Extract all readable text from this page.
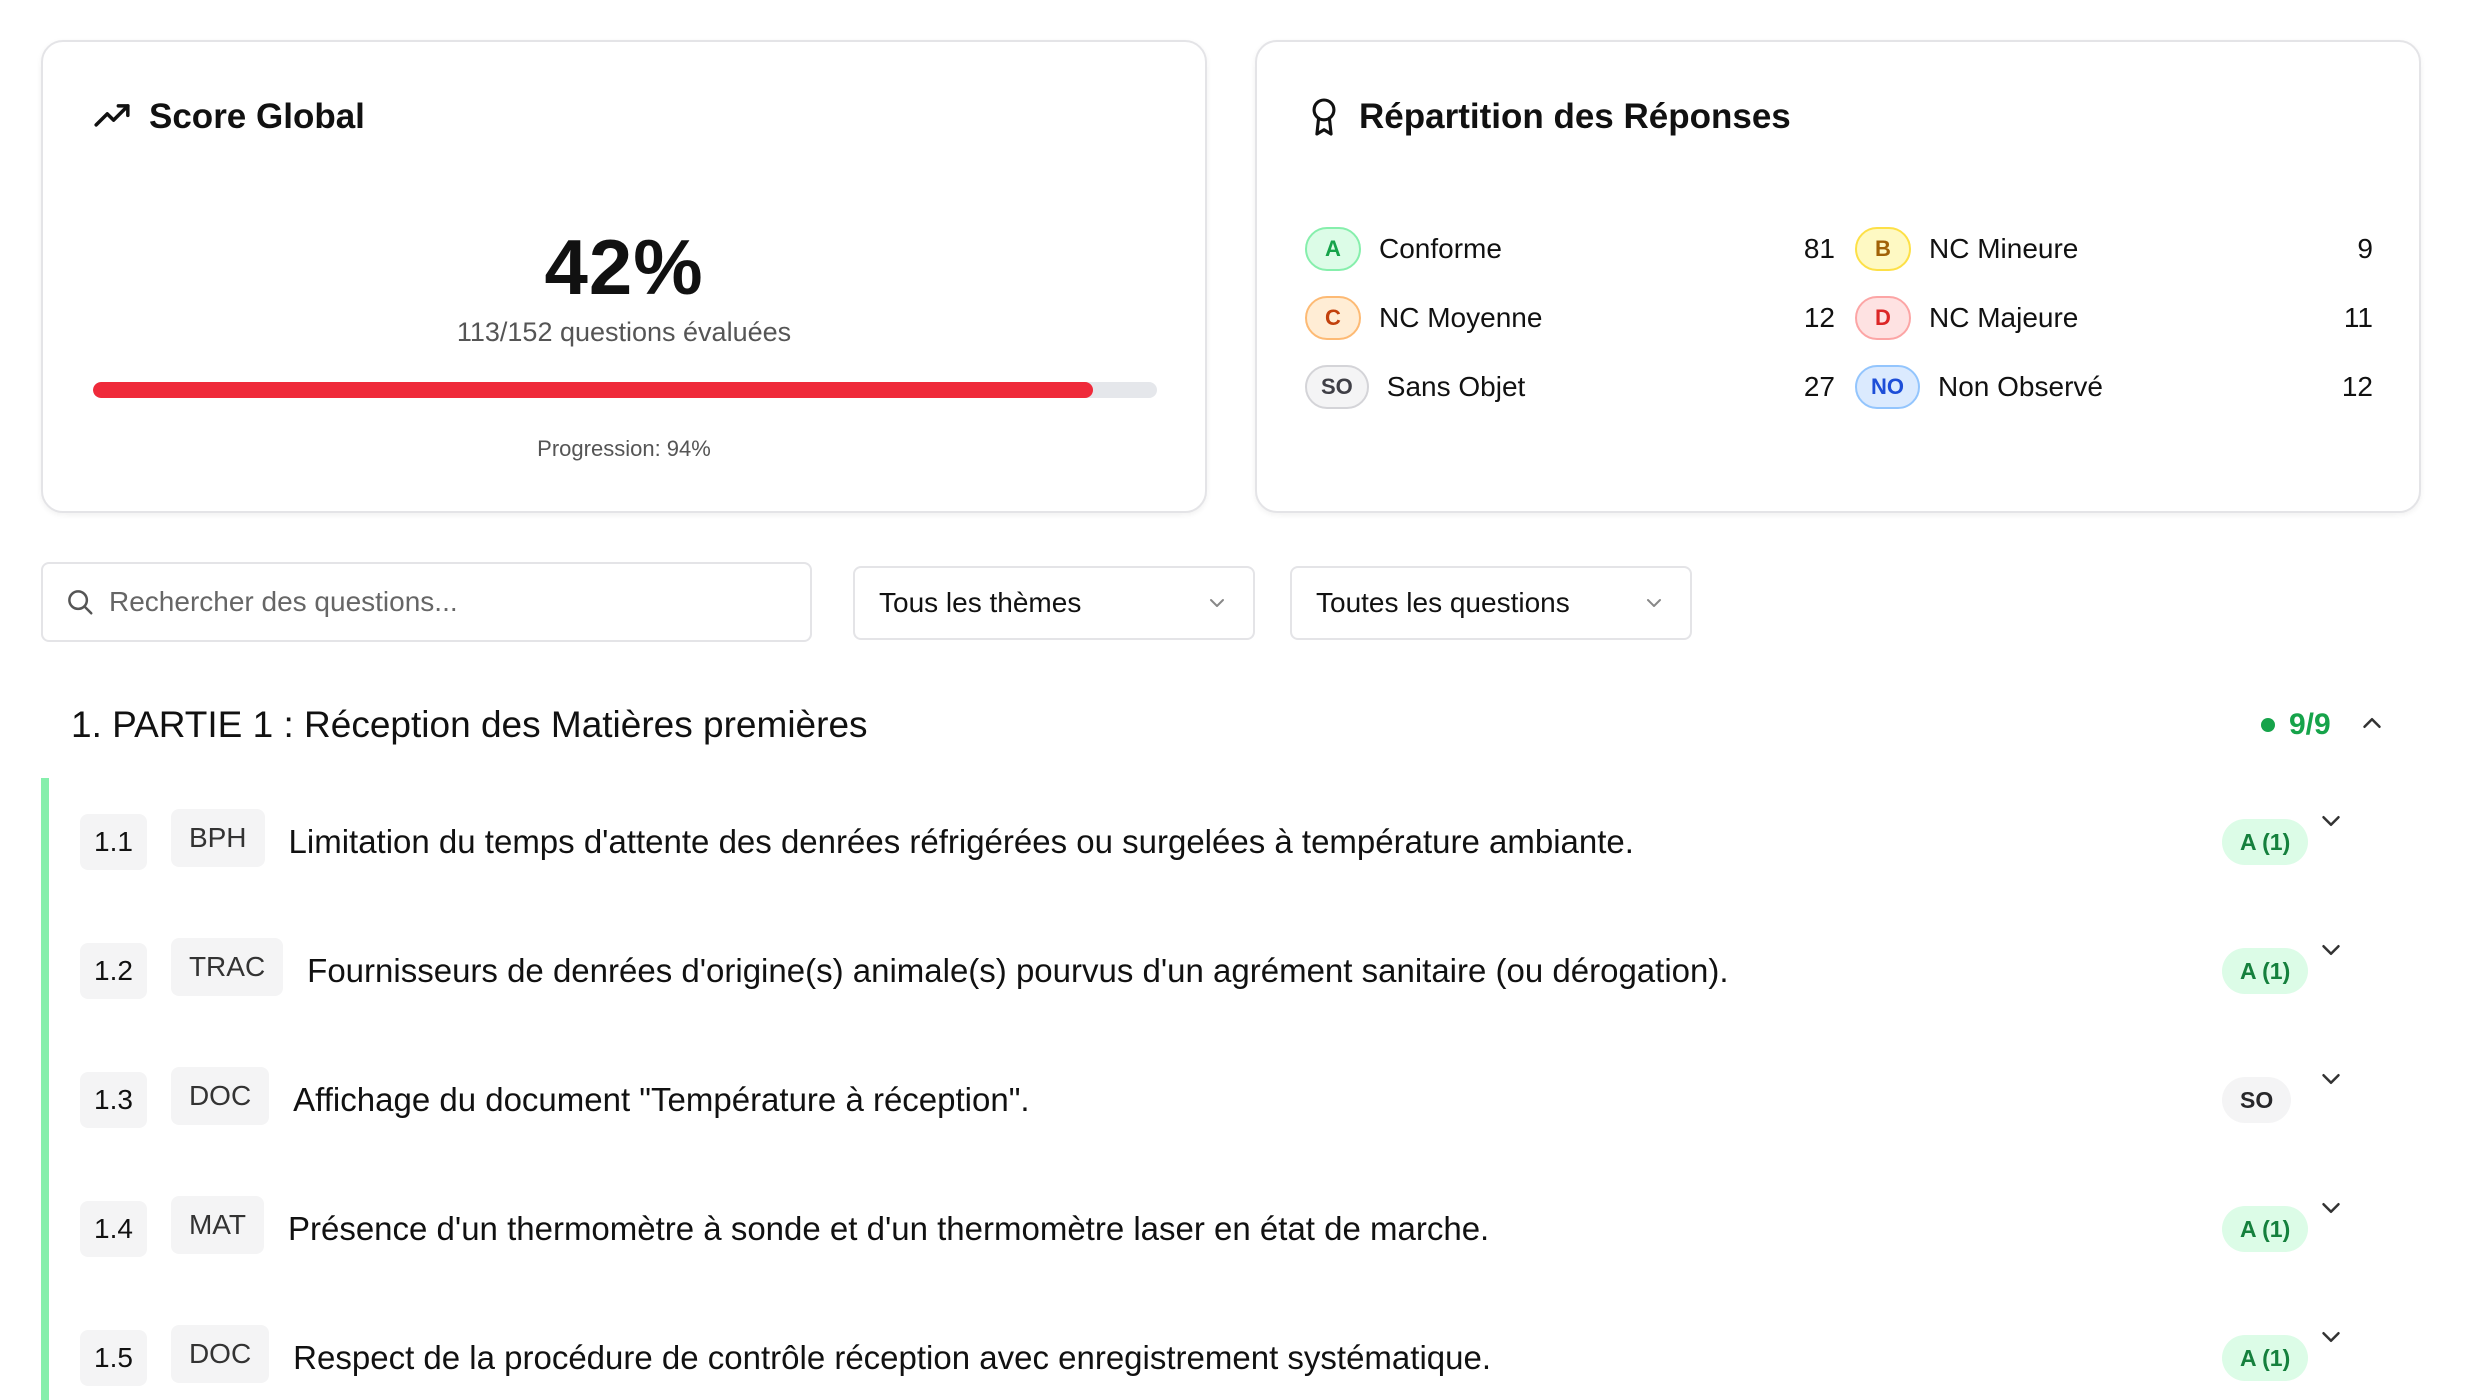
Score Global
42%
113/152 questions évaluées
Progression: 94%
Répartition des Réponses
A	Conforme	81	B	NC Mineure	9
C	NC Moyenne	12	D	NC Majeure	11
SO	Sans Objet	27	NO	Non Observé	12
Rechercher des questions...
Tous les thèmes	Toutes les questions
1. PARTIE 1 : Réception des Matières premières	9/9
1.1	BPH	Limitation du temps d'attente des denrées réfrigérées ou surgelées à température ambiante.	A (1)
1.2	TRAC	Fournisseurs de denrées d'origine(s) animale(s) pourvus d'un agrément sanitaire (ou dérogation).	A (1)
1.3	DOC	Affichage du document "Température à réception".	SO
1.4	MAT	Présence d'un thermomètre à sonde et d'un thermomètre laser en état de marche.	A (1)
1.5	DOC	Respect de la procédure de contrôle réception avec enregistrement systématique.	A (1)
